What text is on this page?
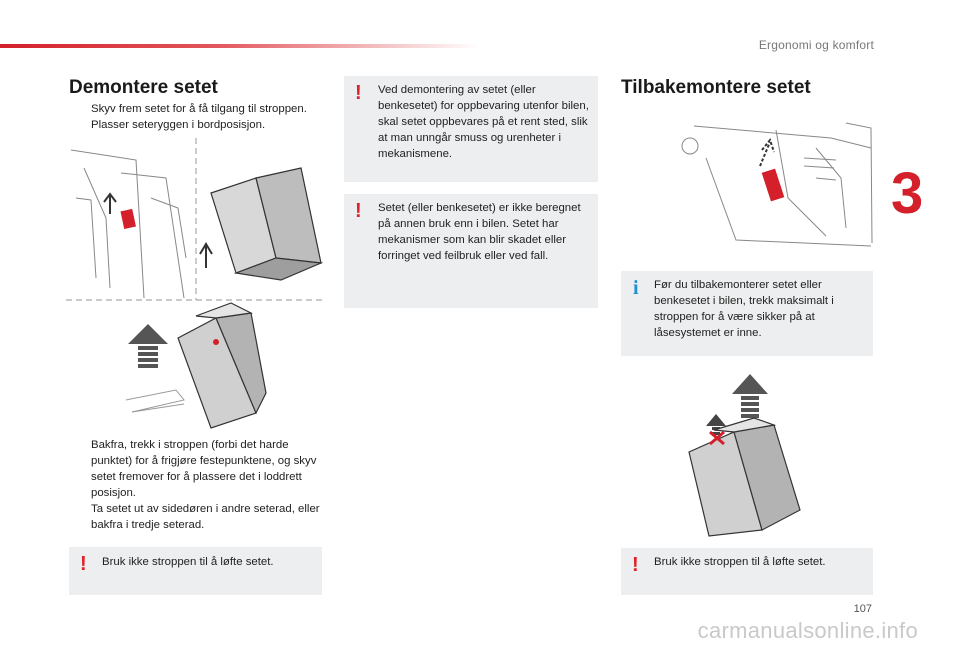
Ergonomi og komfort
3
Demontere setet
Skyv frem setet for å få tilgang til stroppen.
Plasser seteryggen i bordposisjon.
Bakfra, trekk i stroppen (forbi det harde punktet) for å frigjøre festepunktene, og skyv setet fremover for å plassere det i loddrett posisjon.
Ta setet ut av sidedøren i andre seterad, eller bakfra i tredje seterad.
! Bruk ikke stroppen til å løfte setet.
! Ved demontering av setet (eller benkesetet) for oppbevaring utenfor bilen, skal setet oppbevares på et rent sted, slik at man unngår smuss og urenheter i mekanismene.
! Setet (eller benkesetet) er ikke beregnet på annen bruk enn i bilen. Setet har mekanismer som kan blir skadet eller forringet ved feilbruk eller ved fall.
Tilbakemontere setet
i Før du tilbakemonterer setet eller benkesetet i bilen, trekk maksimalt i stroppen for å være sikker på at låsesystemet er inne.
! Bruk ikke stroppen til å løfte setet.
107
carmanualsonline.info
